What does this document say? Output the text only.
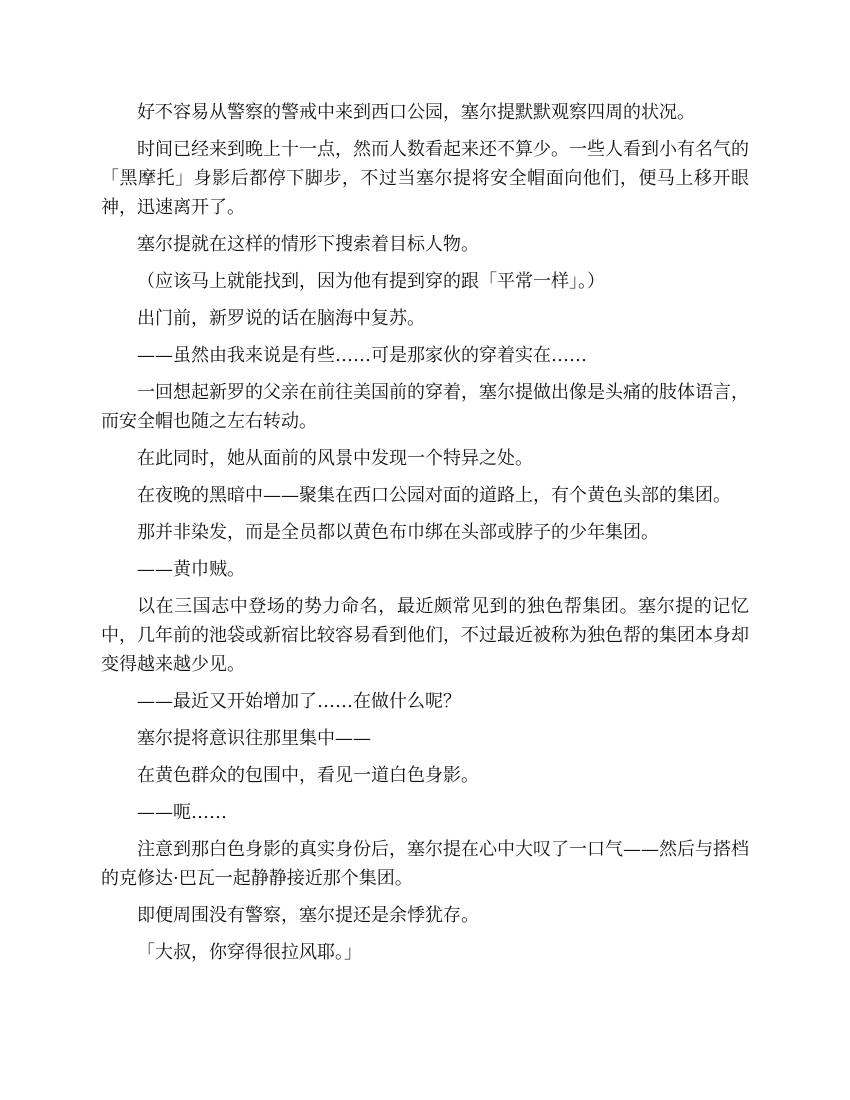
好不容易从警察的警戒中来到西口公园，塞尔提默默观察四周的状况。

时间已经来到晚上十一点，然而人数看起来还不算少。一些人看到小有名气的「黑摩托」身影后都停下脚步，不过当塞尔提将安全帽面向他们，便马上移开眼神，迅速离开了。

塞尔提就在这样的情形下搜索着目标人物。

（应该马上就能找到，因为他有提到穿的跟「平常一样」。）

出门前，新罗说的话在脑海中复苏。

——虽然由我来说是有些……可是那家伙的穿着实在……

一回想起新罗的父亲在前往美国前的穿着，塞尔提做出像是头痛的肢体语言，而安全帽也随之左右转动。

在此同时，她从面前的风景中发现一个特异之处。

在夜晚的黑暗中——聚集在西口公园对面的道路上，有个黄色头部的集团。

那并非染发，而是全员都以黄色布巾绑在头部或脖子的少年集团。

——黄巾贼。

以在三国志中登场的势力命名，最近颇常见到的独色帮集团。塞尔提的记忆中，几年前的池袋或新宿比较容易看到他们，不过最近被称为独色帮的集团本身却变得越来越少见。

——最近又开始增加了……在做什么呢？

塞尔提将意识往那里集中——

在黄色群众的包围中，看见一道白色身影。

——呃……

注意到那白色身影的真实身份后，塞尔提在心中大叹了一口气——然后与搭档的克修达·巴瓦一起静静接近那个集团。

即便周围没有警察，塞尔提还是余悸犹存。

「大叔，你穿得很拉风耶。」
